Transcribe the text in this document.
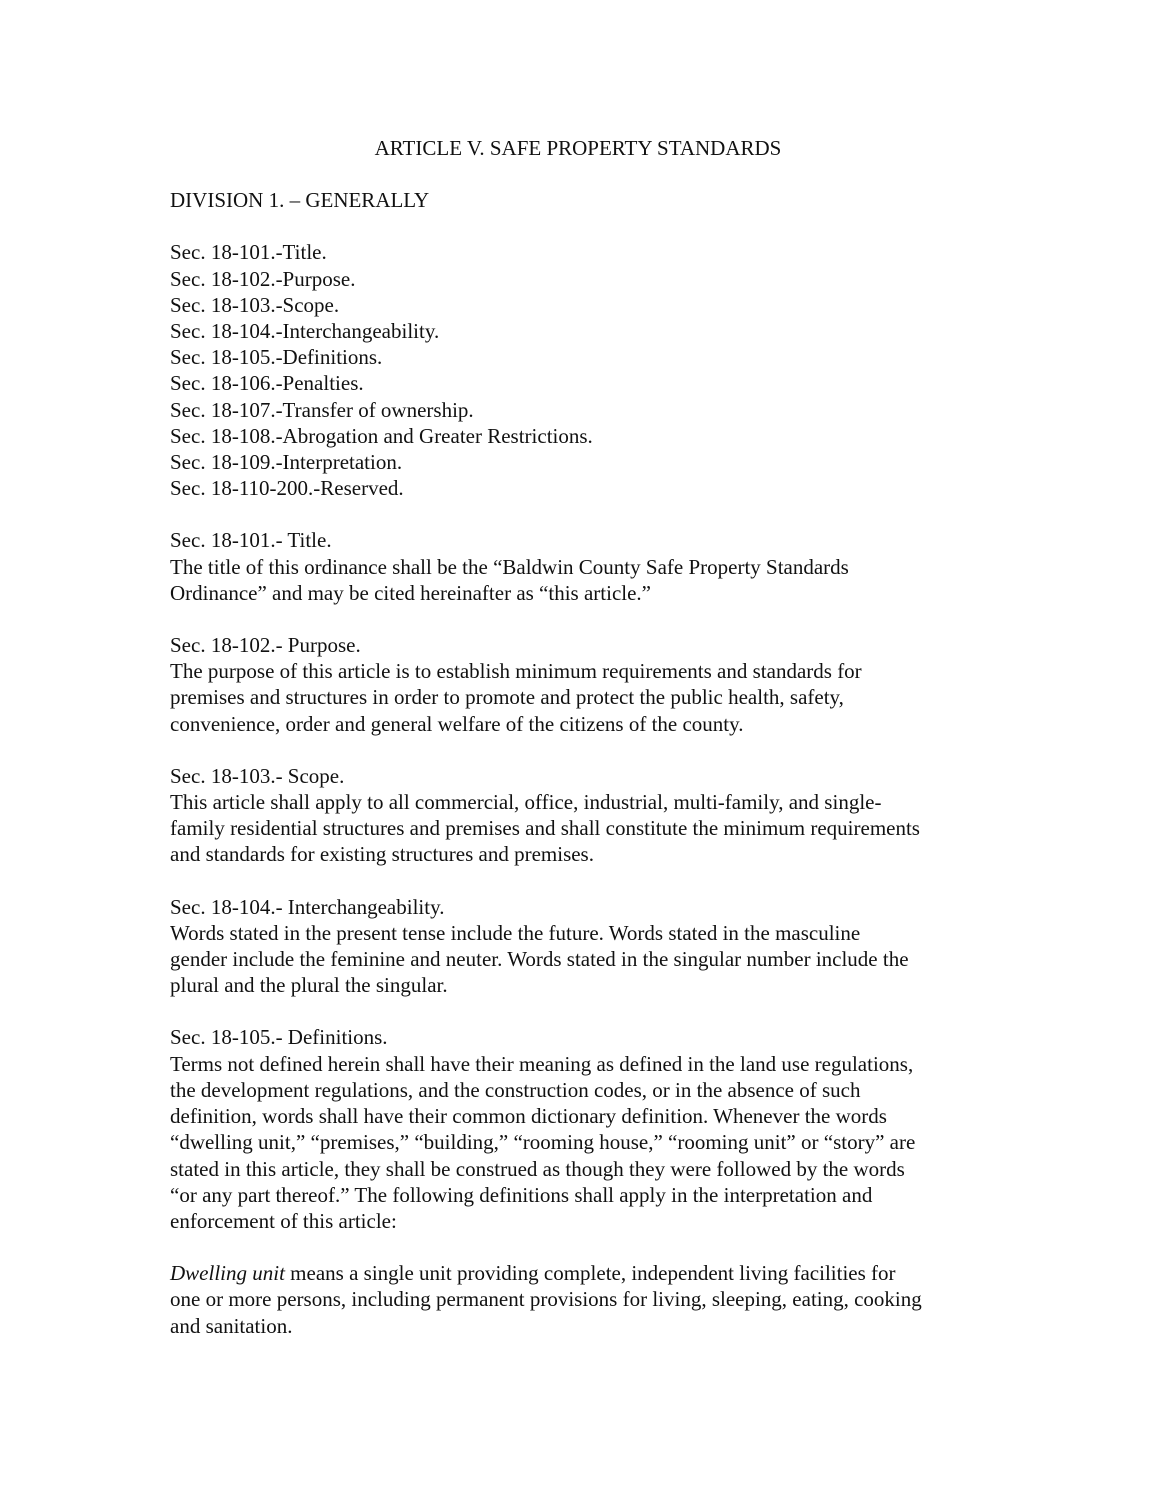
ARTICLE V. SAFE PROPERTY STANDARDS

DIVISION 1. – GENERALLY

Sec. 18-101.-Title.

Sec. 18-102.-Purpose.

Sec. 18-103.-Scope.

Sec. 18-104.-Interchangeability.

Sec. 18-105.-Definitions.

Sec. 18-106.-Penalties.

Sec. 18-107.-Transfer of ownership.

Sec. 18-108.-Abrogation and Greater Restrictions.

Sec. 18-109.-Interpretation.

Sec. 18-110-200.-Reserved.

Sec. 18-101.- Title.

The title of this ordinance shall be the “Baldwin County Safe Property Standards
Ordinance” and may be cited hereinafter as “this article.”

Sec. 18-102.- Purpose.

The purpose of this article is to establish minimum requirements and standards for
premises and structures in order to promote and protect the public health, safety,
convenience, order and general welfare of the citizens of the county.

Sec. 18-103.- Scope.

This article shall apply to all commercial, office, industrial, multi-family, and single-
family residential structures and premises and shall constitute the minimum requirements
and standards for existing structures and premises.

Sec. 18-104.- Interchangeability.

Words stated in the present tense include the future. Words stated in the masculine
gender include the feminine and neuter. Words stated in the singular number include the
plural and the plural the singular.

Sec. 18-105.- Definitions.

Terms not defined herein shall have their meaning as defined in the land use regulations,
the development regulations, and the construction codes, or in the absence of such
definition, words shall have their common dictionary definition. Whenever the words
“dwelling unit,” “premises,” “building,” “rooming house,” “rooming unit” or “story” are
stated in this article, they shall be construed as though they were followed by the words
“or any part thereof.” The following definitions shall apply in the interpretation and
enforcement of this article:

Dwelling unit means a single unit providing complete, independent living facilities for
one or more persons, including permanent provisions for living, sleeping, eating, cooking
and sanitation.
